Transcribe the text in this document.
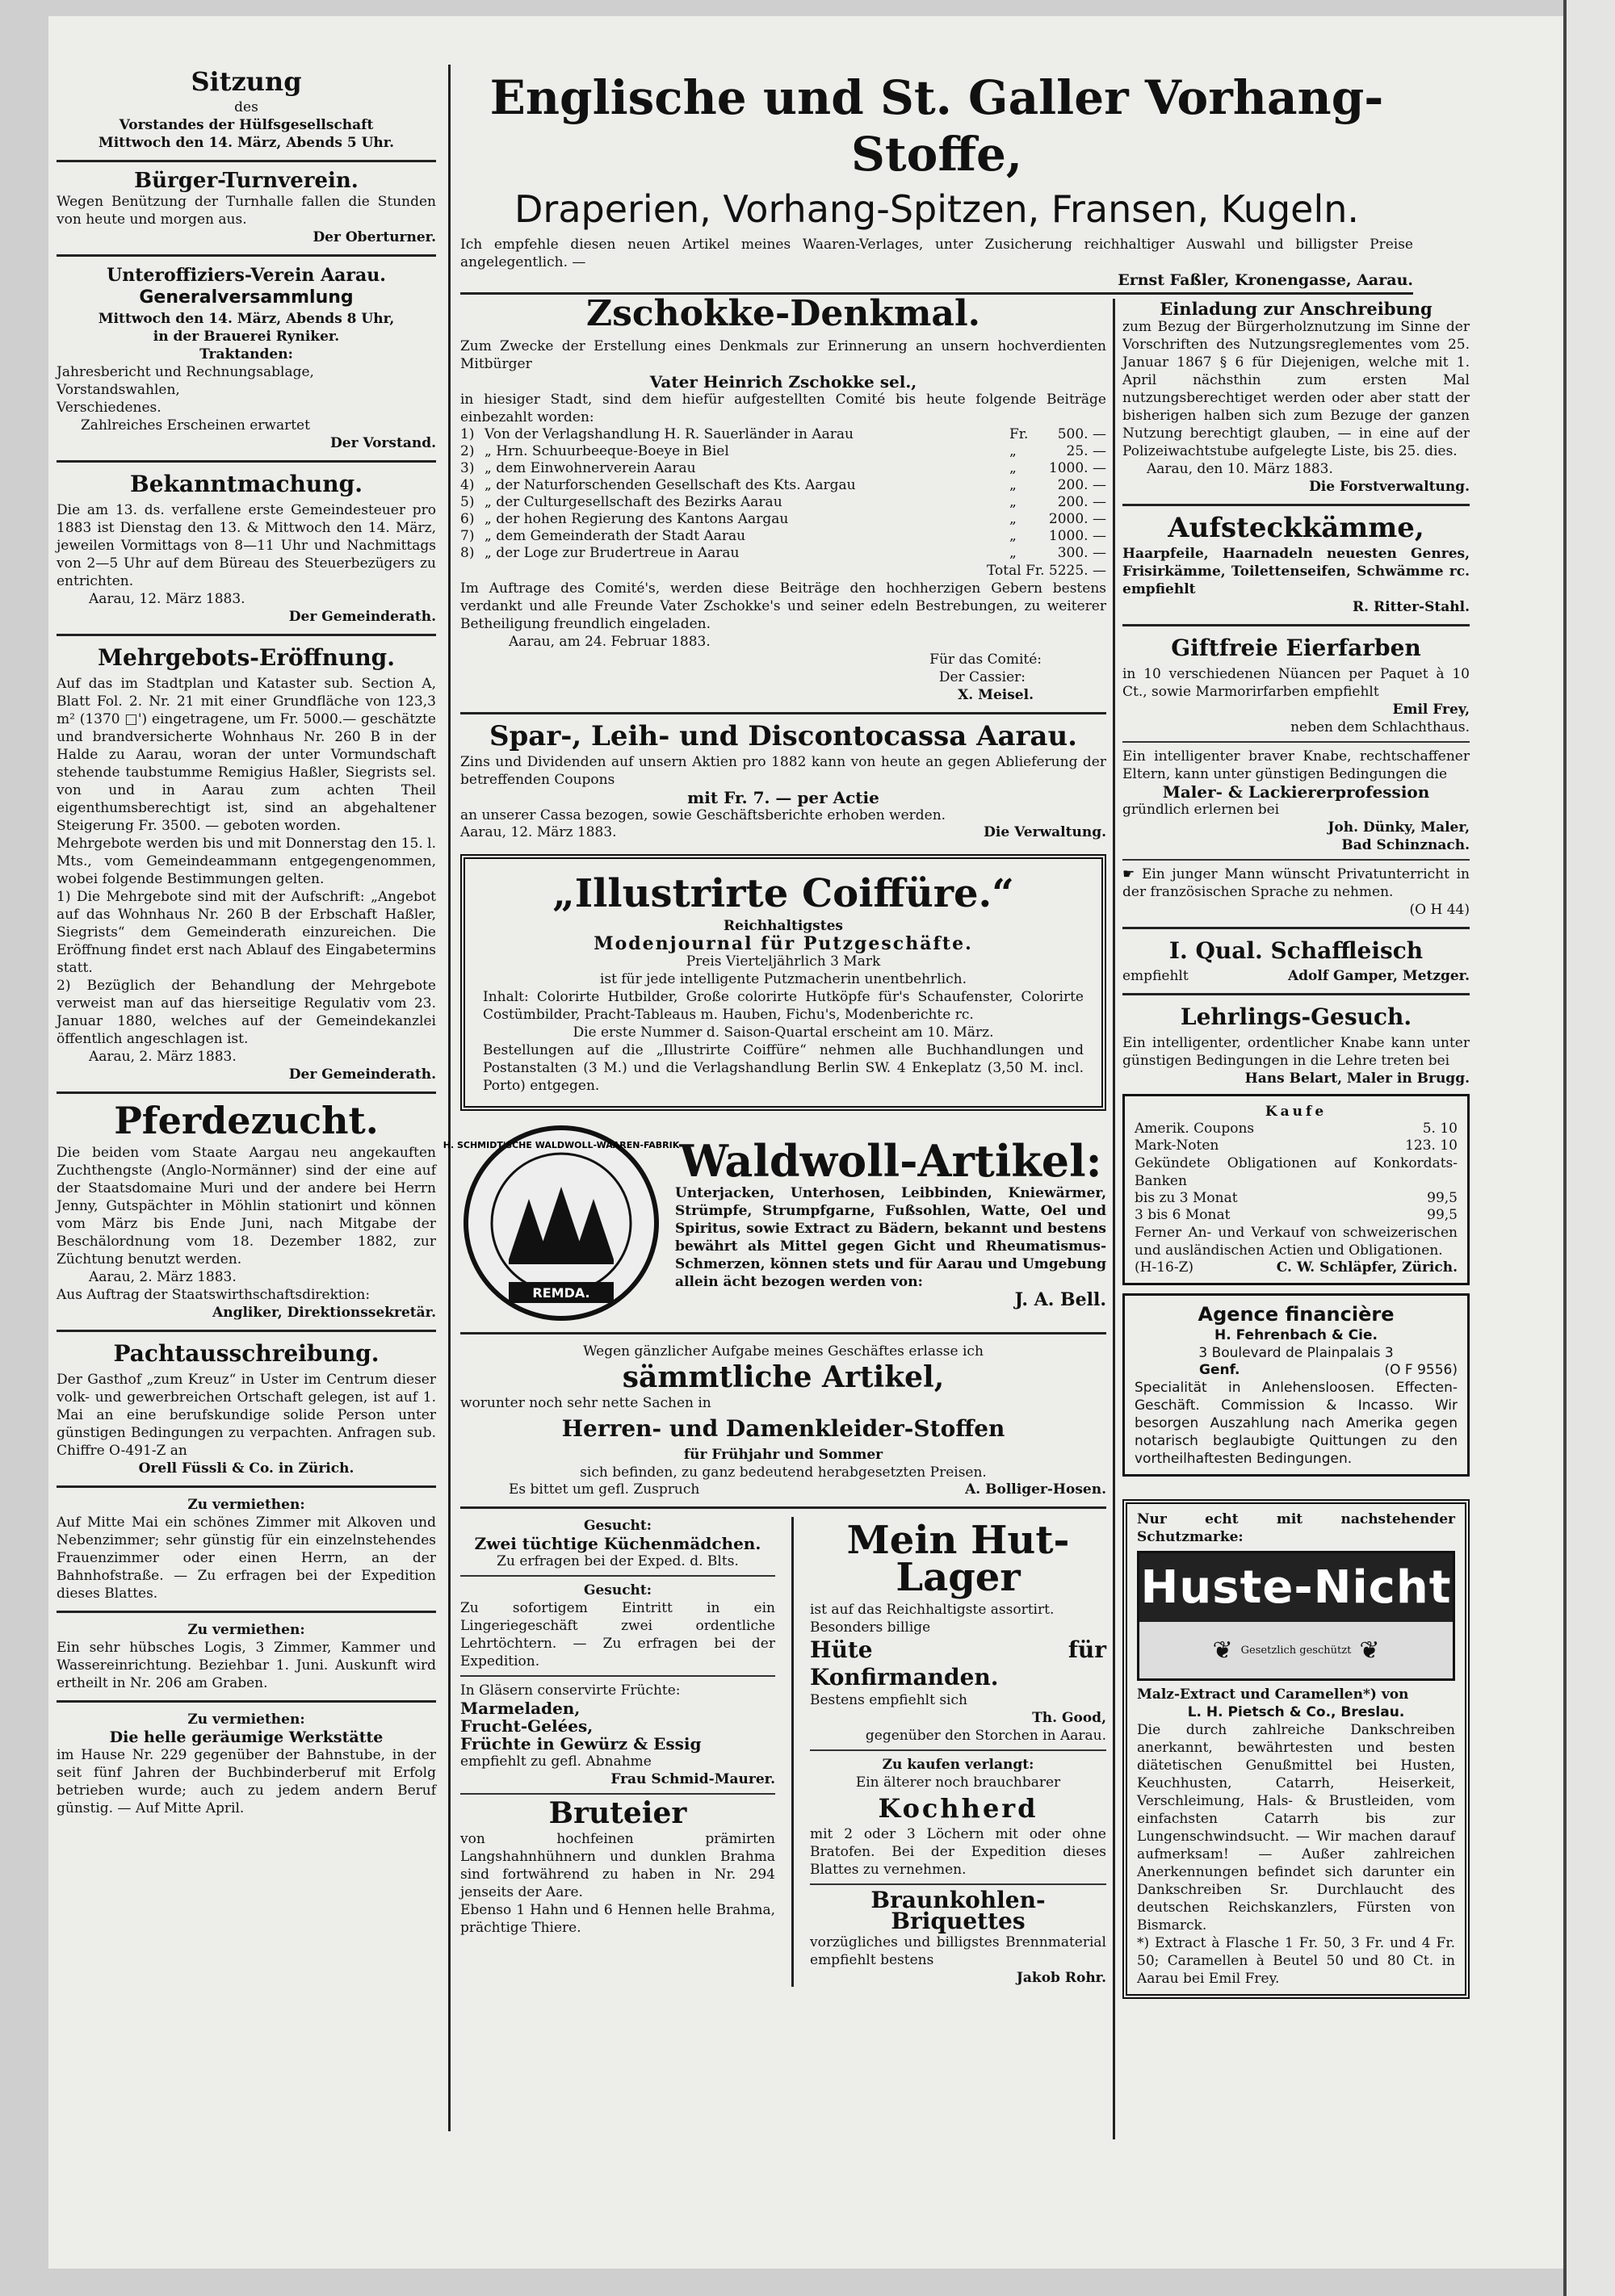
Sitzung

des

Vorstandes der Hülfsgesellschaft

Mittwoch den 14. März, Abends 5 Uhr.

Bürger-Turnverein.

Wegen Benützung der Turnhalle fallen die Stunden von heute und morgen aus.

Der Oberturner.

Unteroffiziers-Verein Aarau.
Generalversammlung

Mittwoch den 14. März, Abends 8 Uhr,

in der Brauerei Ryniker.

Traktanden:

Jahresbericht und Rechnungsablage,

Vorstandswahlen,

Verschiedenes.

Zahlreiches Erscheinen erwartet

Der Vorstand.

Bekanntmachung.

Die am 13. ds. verfallene erste Gemeindesteuer pro 1883 ist Dienstag den 13. & Mittwoch den 14. März, jeweilen Vormittags von 8—11 Uhr und Nachmittags von 2—5 Uhr auf dem Büreau des Steuerbezügers zu entrichten.

Aarau, 12. März 1883.

Der Gemeinderath.

Mehrgebots-Eröffnung.

Auf das im Stadtplan und Kataster sub. Section A, Blatt Fol. 2. Nr. 21 mit einer Grundfläche von 123,3 m² (1370 □') eingetragene, um Fr. 5000.— geschätzte und brandversicherte Wohnhaus Nr. 260 B in der Halde zu Aarau, woran der unter Vormundschaft stehende taubstumme Remigius Haßler, Siegrists sel. von und in Aarau zum achten Theil eigenthumsberechtigt ist, sind an abgehaltener Steigerung Fr. 3500. — geboten worden.

Mehrgebote werden bis und mit Donnerstag den 15. l. Mts., vom Gemeindeammann entgegengenommen, wobei folgende Bestimmungen gelten.

1) Die Mehrgebote sind mit der Aufschrift: „Angebot auf das Wohnhaus Nr. 260 B der Erbschaft Haßler, Siegrists“ dem Gemeinderath einzureichen. Die Eröffnung findet erst nach Ablauf des Eingabetermins statt.

2) Bezüglich der Behandlung der Mehrgebote verweist man auf das hierseitige Regulativ vom 23. Januar 1880, welches auf der Gemeindekanzlei öffentlich angeschlagen ist.

Aarau, 2. März 1883.

Der Gemeinderath.

Pferdezucht.

Die beiden vom Staate Aargau neu angekauften Zuchthengste (Anglo-Normänner) sind der eine auf der Staatsdomaine Muri und der andere bei Herrn Jenny, Gutspächter in Möhlin stationirt und können vom März bis Ende Juni, nach Mitgabe der Beschälordnung vom 18. Dezember 1882, zur Züchtung benutzt werden.

Aarau, 2. März 1883.

Aus Auftrag der Staatswirthschaftsdirektion:

Angliker, Direktionssekretär.

Pachtausschreibung.

Der Gasthof „zum Kreuz“ in Uster im Centrum dieser volk- und gewerbreichen Ortschaft gelegen, ist auf 1. Mai an eine berufskundige solide Person unter günstigen Bedingungen zu verpachten. Anfragen sub. Chiffre O-491-Z an

Orell Füssli & Co. in Zürich.

Zu vermiethen:

Auf Mitte Mai ein schönes Zimmer mit Alkoven und Nebenzimmer; sehr günstig für ein einzelnstehendes Frauenzimmer oder einen Herrn, an der Bahnhofstraße. — Zu erfragen bei der Expedition dieses Blattes.

Zu vermiethen:

Ein sehr hübsches Logis, 3 Zimmer, Kammer und Wassereinrichtung. Beziehbar 1. Juni. Auskunft wird ertheilt in Nr. 206 am Graben.

Zu vermiethen:

Die helle geräumige Werkstätte

im Hause Nr. 229 gegenüber der Bahnstube, in der seit fünf Jahren der Buchbinderberuf mit Erfolg betrieben wurde; auch zu jedem andern Beruf günstig. — Auf Mitte April.

Englische und St. Galler Vorhang-Stoffe,
Draperien, Vorhang-Spitzen, Fransen, Kugeln.

Ich empfehle diesen neuen Artikel meines Waaren-Verlages, unter Zusicherung reichhaltiger Auswahl und billigster Preise angelegentlich. —

Ernst Faßler, Kronengasse, Aarau.

Zschokke-Denkmal.

Zum Zwecke der Erstellung eines Denkmals zur Erinnerung an unsern hochverdienten Mitbürger

Vater Heinrich Zschokke sel.,

in hiesiger Stadt, sind dem hiefür aufgestellten Comité bis heute folgende Beiträge einbezahlt worden:

1)	Von der Verlagshandlung H. R. Sauerländer in Aarau	Fr.	500. —
2)	„ Hrn. Schuurbeeque-Boeye in Biel	„	25. —
3)	„ dem Einwohnerverein Aarau	„	1000. —
4)	„ der Naturforschenden Gesellschaft des Kts. Aargau	„	200. —
5)	„ der Culturgesellschaft des Bezirks Aarau	„	200. —
6)	„ der hohen Regierung des Kantons Aargau	„	2000. —
7)	„ dem Gemeinderath der Stadt Aarau	„	1000. —
8)	„ der Loge zur Brudertreue in Aarau	„	300. —

Total Fr. 5225. —

Im Auftrage des Comité's, werden diese Beiträge den hochherzigen Gebern bestens verdankt und alle Freunde Vater Zschokke's und seiner edeln Bestrebungen, zu weiterer Betheiligung freundlich eingeladen.

Aarau, am 24. Februar 1883.

Für das Comité:

Der Cassier:

X. Meisel.

Spar-, Leih- und Discontocassa Aarau.

Zins und Dividenden auf unsern Aktien pro 1882 kann von heute an gegen Ablieferung der betreffenden Coupons

mit Fr. 7. — per Actie

an unserer Cassa bezogen, sowie Geschäftsberichte erhoben werden.

Aarau, 12. März 1883.	Die Verwaltung.
„Illustrirte Coiffüre.“

Reichhaltigstes

Modenjournal für Putzgeschäfte.

Preis Vierteljährlich 3 Mark

ist für jede intelligente Putzmacherin unentbehrlich.

Inhalt: Colorirte Hutbilder, Große colorirte Hutköpfe für's Schaufenster, Colorirte Costümbilder, Pracht-Tableaus m. Hauben, Fichu's, Modenberichte rc.

Die erste Nummer d. Saison-Quartal erscheint am 10. März.

Bestellungen auf die „Illustrirte Coiffüre“ nehmen alle Buchhandlungen und Postanstalten (3 M.) und die Verlagshandlung Berlin SW. 4 Enkeplatz (3,50 M. incl. Porto) entgegen.

H. SCHMIDT'SCHE WALDWOLL-WAAREN-FABRIK
REMDA.
Waldwoll-Artikel:

Unterjacken, Unterhosen, Leibbinden, Kniewärmer, Strümpfe, Strumpfgarne, Fußsohlen, Watte, Oel und Spiritus, sowie Extract zu Bädern, bekannt und bestens bewährt als Mittel gegen Gicht und Rheumatismus-Schmerzen, können stets und für Aarau und Umgebung allein ächt bezogen werden von:

J. A. Bell.

Wegen gänzlicher Aufgabe meines Geschäftes erlasse ich

sämmtliche Artikel,

worunter noch sehr nette Sachen in

Herren- und Damenkleider-Stoffen

für Frühjahr und Sommer

sich befinden, zu ganz bedeutend herabgesetzten Preisen.

Es bittet um gefl. Zuspruch	A. Bolliger-Hosen.

Gesucht:

Zwei tüchtige Küchenmädchen.

Zu erfragen bei der Exped. d. Blts.

Gesucht:

Zu sofortigem Eintritt in ein Lingeriegeschäft zwei ordentliche Lehrtöchtern. — Zu erfragen bei der Expedition.

In Gläsern conservirte Früchte:

Marmeladen,

Frucht-Gelées,

Früchte in Gewürz & Essig

empfiehlt zu gefl. Abnahme

Frau Schmid-Maurer.

Bruteier

von hochfeinen prämirten Langshahnhühnern und dunklen Brahma sind fortwährend zu haben in Nr. 294 jenseits der Aare.

Ebenso 1 Hahn und 6 Hennen helle Brahma, prächtige Thiere.

Mein Hut-Lager

ist auf das Reichhaltigste assortirt.

Besonders billige

Hüte für Konfirmanden.

Bestens empfiehlt sich

Th. Good,

gegenüber den Storchen in Aarau.

Zu kaufen verlangt:

Ein älterer noch brauchbarer

Kochherd

mit 2 oder 3 Löchern mit oder ohne Bratofen. Bei der Expedition dieses Blattes zu vernehmen.

Braunkohlen-Briquettes

vorzügliches und billigstes Brennmaterial empfiehlt bestens

Jakob Rohr.

Einladung zur Anschreibung

zum Bezug der Bürgerholznutzung im Sinne der Vorschriften des Nutzungsreglementes vom 25. Januar 1867 § 6 für Diejenigen, welche mit 1. April nächsthin zum ersten Mal nutzungsberechtiget werden oder aber statt der bisherigen halben sich zum Bezuge der ganzen Nutzung berechtigt glauben, — in eine auf der Polizeiwachtstube aufgelegte Liste, bis 25. dies.

Aarau, den 10. März 1883.

Die Forstverwaltung.

Aufsteckkämme,

Haarpfeile, Haarnadeln neuesten Genres, Frisirkämme, Toilettenseifen, Schwämme rc. empfiehlt

R. Ritter-Stahl.

Giftfreie Eierfarben

in 10 verschiedenen Nüancen per Paquet à 10 Ct., sowie Marmorirfarben empfiehlt

Emil Frey,

neben dem Schlachthaus.

Ein intelligenter braver Knabe, rechtschaffener Eltern, kann unter günstigen Bedingungen die

Maler- & Lackiererprofession

gründlich erlernen bei

Joh. Dünky, Maler,

Bad Schinznach.

☛ Ein junger Mann wünscht Privatunterricht in der französischen Sprache zu nehmen.

(O H 44)

I. Qual. Schaffleisch
empfiehlt	Adolf Gamper, Metzger.
Lehrlings-Gesuch.

Ein intelligenter, ordentlicher Knabe kann unter günstigen Bedingungen in die Lehre treten bei

Hans Belart, Maler in Brugg.

Kaufe

Amerik. Coupons	5. 10
Mark-Noten	123. 10

Gekündete Obligationen auf Konkordats-Banken

bis zu 3 Monat	99,5
3 bis 6 Monat	99,5

Ferner An- und Verkauf von schweizerischen und ausländischen Actien und Obligationen.

(H-16-Z)	C. W. Schläpfer, Zürich.

Agence financière

H. Fehrenbach & Cie.

3 Boulevard de Plainpalais 3

Genf.	(O F 9556)

Specialität in Anlehensloosen. Effecten-Geschäft. Commission & Incasso. Wir besorgen Auszahlung nach Amerika gegen notarisch beglaubigte Quittungen zu den vortheilhaftesten Bedingungen.

Nur echt mit nachstehender Schutzmarke:

Huste-Nicht
❦ Gesetzlich geschützt ❦

Malz-Extract und Caramellen*) von

L. H. Pietsch & Co., Breslau.

Die durch zahlreiche Dankschreiben anerkannt, bewährtesten und besten diätetischen Genußmittel bei Husten, Keuchhusten, Catarrh, Heiserkeit, Verschleimung, Hals- & Brustleiden, vom einfachsten Catarrh bis zur Lungenschwindsucht. — Wir machen darauf aufmerksam! — Außer zahlreichen Anerkennungen befindet sich darunter ein Dankschreiben Sr. Durchlaucht des deutschen Reichskanzlers, Fürsten von Bismarck.

*) Extract à Flasche 1 Fr. 50, 3 Fr. und 4 Fr. 50; Caramellen à Beutel 50 und 80 Ct. in Aarau bei Emil Frey.
